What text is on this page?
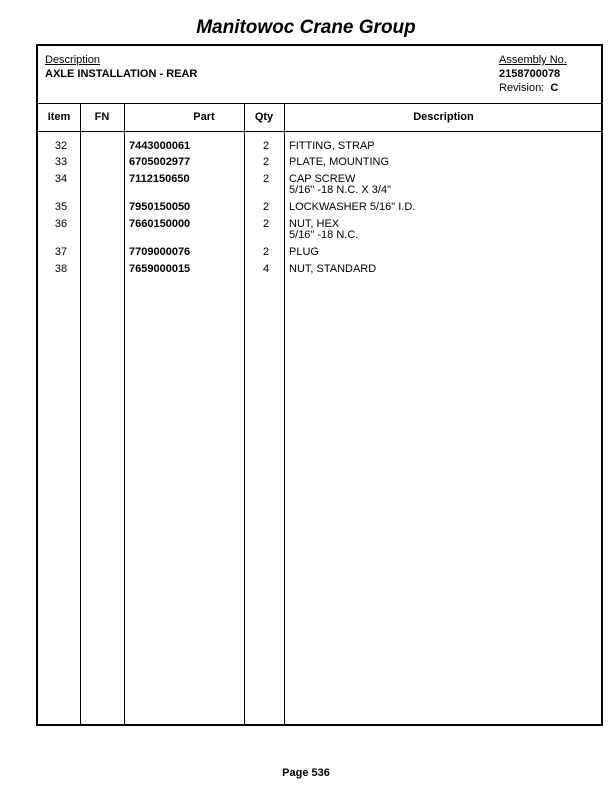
Manitowoc Crane Group
Description
AXLE INSTALLATION - REAR
Assembly No.
2158700078
Revision: C
Item	FN	Part	Qty	Description
32	7443000061	2	FITTING, STRAP
33	6705002977	2	PLATE, MOUNTING
34	7112150650	2	CAP SCREW
5/16" -18 N.C. X 3/4"
35	7950150050	2	LOCKWASHER 5/16" I.D.
36	7660150000	2	NUT, HEX
5/16" -18 N.C.
37	7709000076	2	PLUG
38	7659000015	4	NUT, STANDARD
Page 536
